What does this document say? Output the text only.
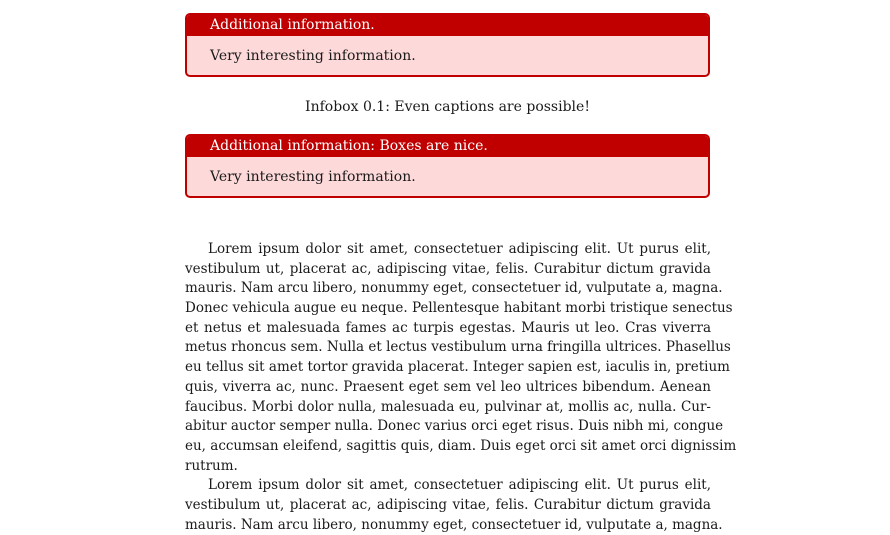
Additional information.
Very interesting information.
Infobox 0.1: Even captions are possible!
Additional information: Boxes are nice.
Very interesting information.
Lorem ipsum dolor sit amet, consectetuer adipiscing elit. Ut purus elit,
vestibulum ut, placerat ac, adipiscing vitae, felis. Curabitur dictum gravida
mauris. Nam arcu libero, nonummy eget, consectetuer id, vulputate a, magna.
Donec vehicula augue eu neque. Pellentesque habitant morbi tristique senectus
et netus et malesuada fames ac turpis egestas. Mauris ut leo. Cras viverra
metus rhoncus sem. Nulla et lectus vestibulum urna fringilla ultrices. Phasellus
eu tellus sit amet tortor gravida placerat. Integer sapien est, iaculis in, pretium
quis, viverra ac, nunc. Praesent eget sem vel leo ultrices bibendum. Aenean
faucibus. Morbi dolor nulla, malesuada eu, pulvinar at, mollis ac, nulla. Cur-
abitur auctor semper nulla. Donec varius orci eget risus. Duis nibh mi, congue
eu, accumsan eleifend, sagittis quis, diam. Duis eget orci sit amet orci dignissim
rutrum.
Lorem ipsum dolor sit amet, consectetuer adipiscing elit. Ut purus elit,
vestibulum ut, placerat ac, adipiscing vitae, felis. Curabitur dictum gravida
mauris. Nam arcu libero, nonummy eget, consectetuer id, vulputate a, magna.
